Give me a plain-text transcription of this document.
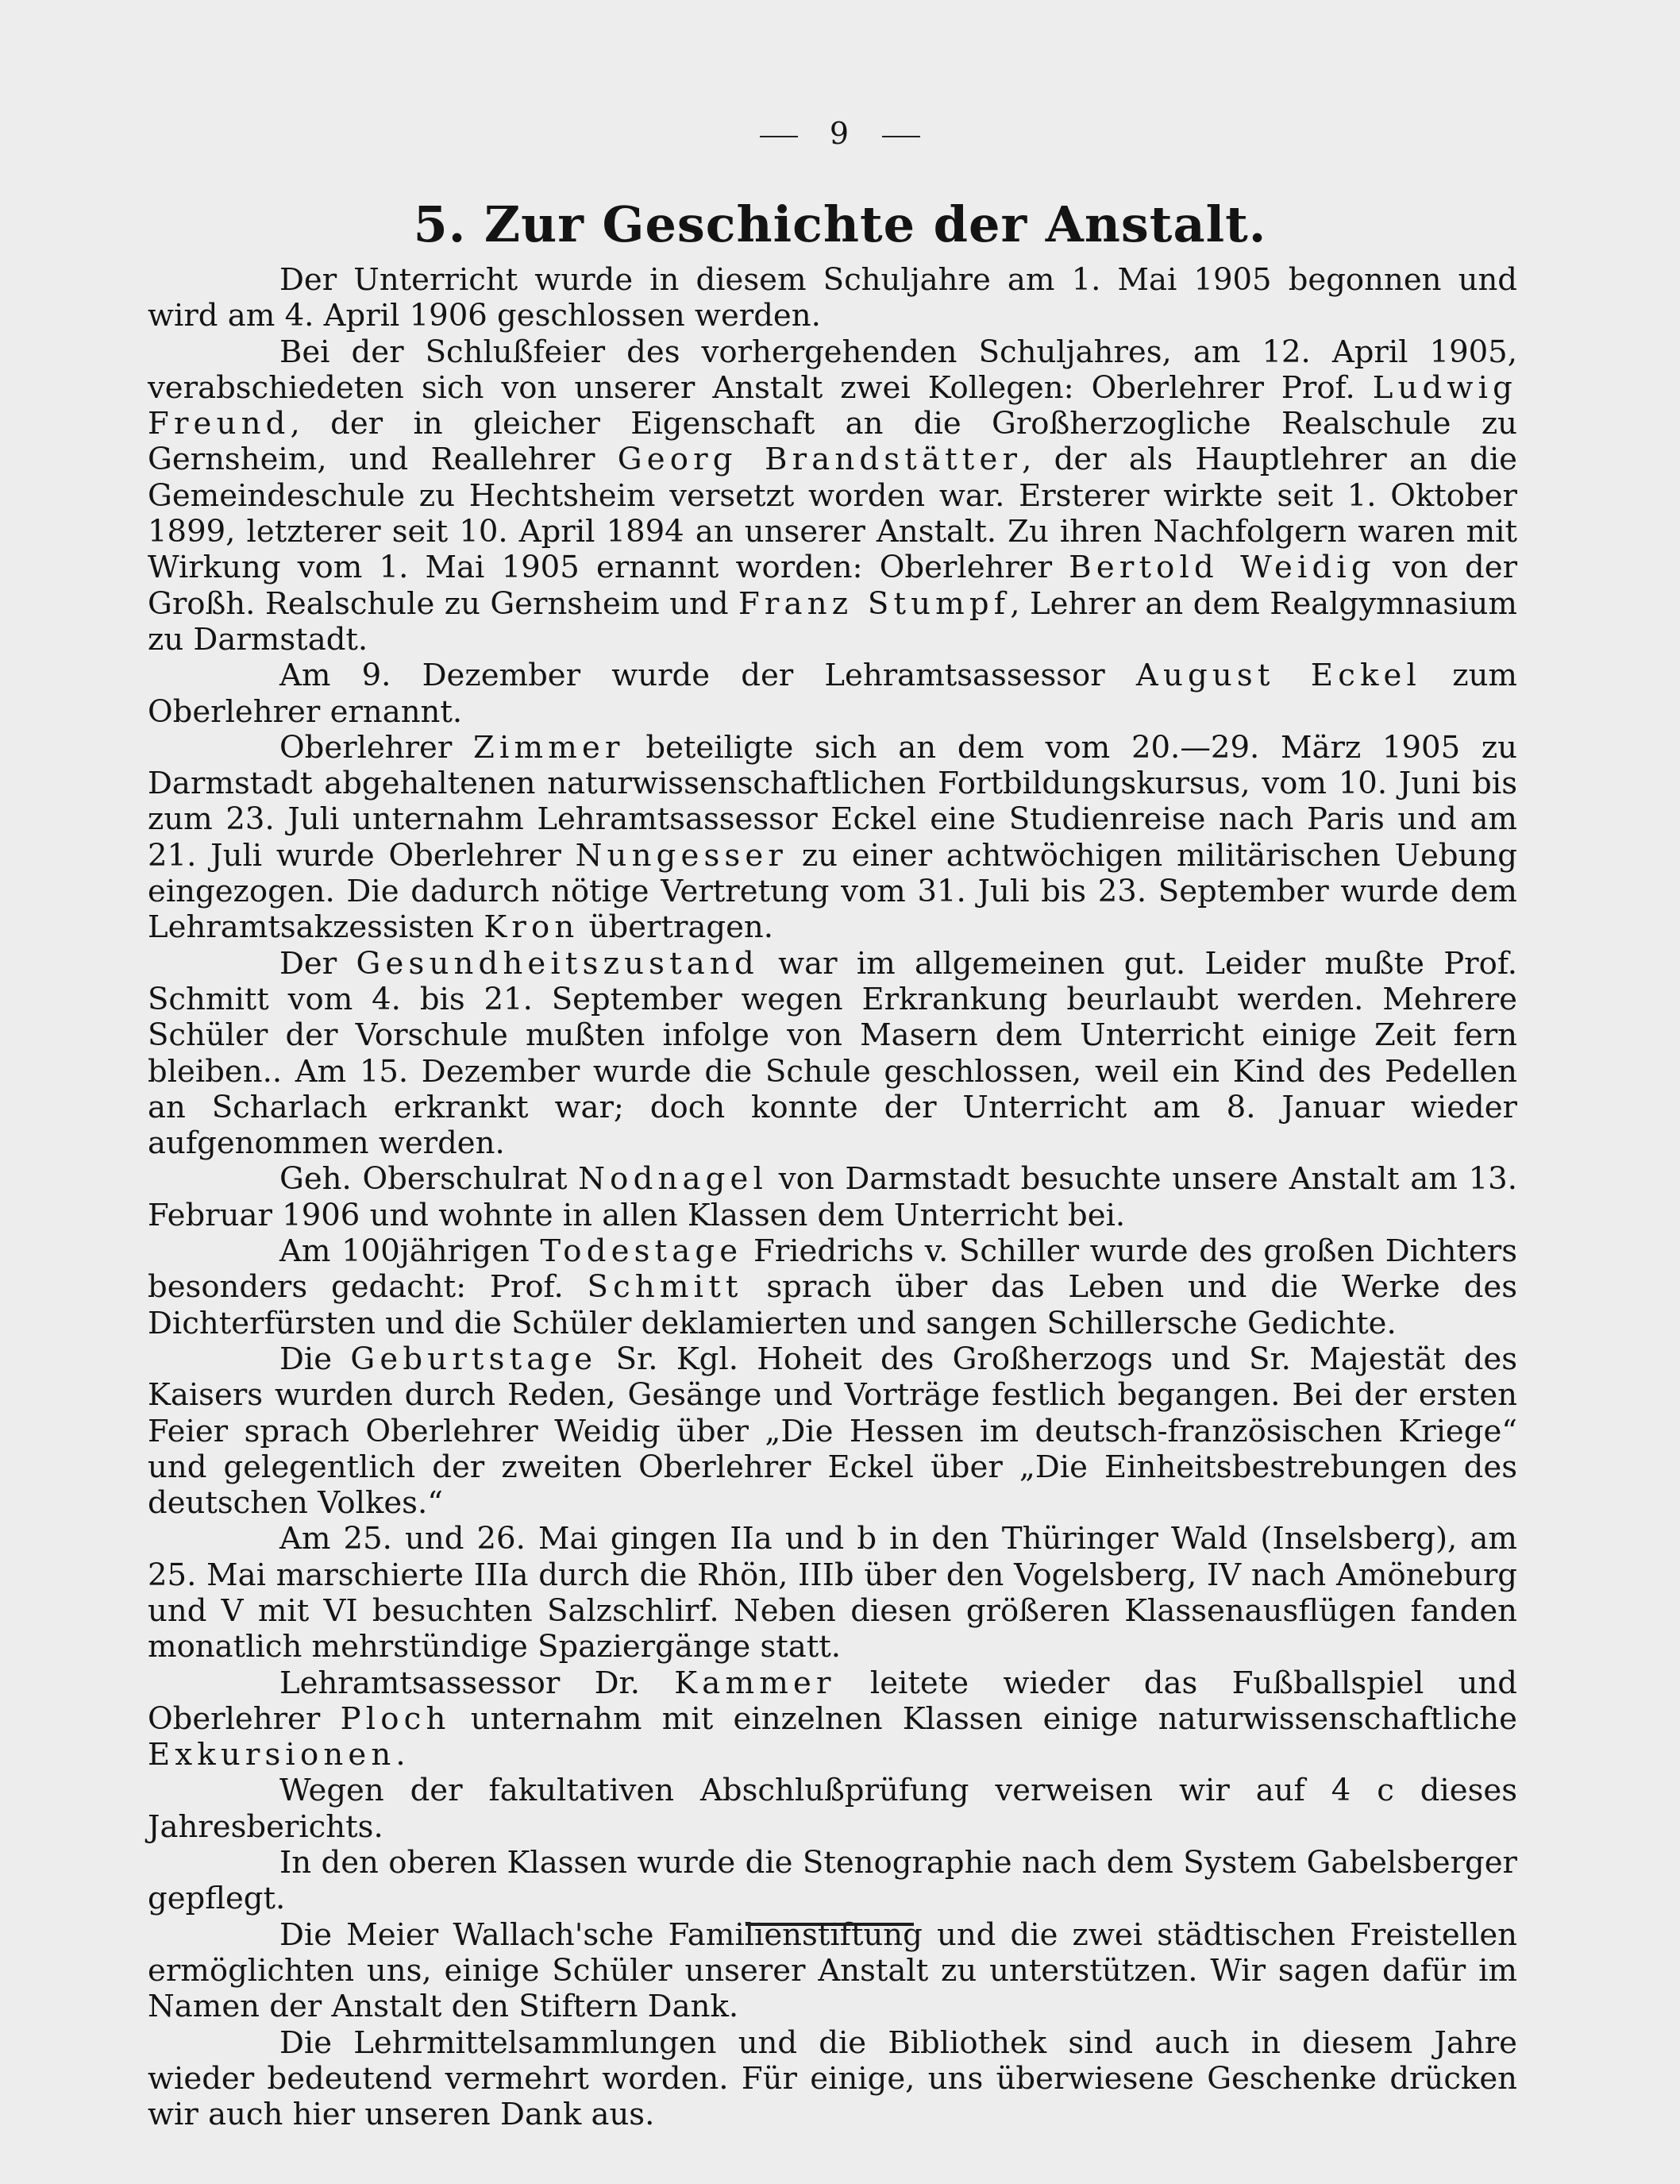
9
5. Zur Geschichte der Anstalt.

Der Unterricht wurde in diesem Schuljahre am 1. Mai 1905 begonnen und wird am 4. April 1906 geschlossen werden.

Bei der Schlußfeier des vorhergehenden Schuljahres, am 12. April 1905, verabschiedeten sich von unserer Anstalt zwei Kollegen: Oberlehrer Prof. Ludwig Freund, der in gleicher Eigenschaft an die Großherzogliche Realschule zu Gernsheim, und Reallehrer Georg Brandstätter, der als Hauptlehrer an die Gemeindeschule zu Hechtsheim versetzt worden war. Ersterer wirkte seit 1. Oktober 1899, letzterer seit 10. April 1894 an unserer Anstalt. Zu ihren Nachfolgern waren mit Wirkung vom 1. Mai 1905 ernannt worden: Oberlehrer Bertold Weidig von der Großh. Realschule zu Gernsheim und Franz Stumpf, Lehrer an dem Realgymnasium zu Darmstadt.

Am 9. Dezember wurde der Lehramtsassessor August Eckel zum Oberlehrer ernannt.

Oberlehrer Zimmer beteiligte sich an dem vom 20.—29. März 1905 zu Darmstadt abgehaltenen naturwissenschaftlichen Fortbildungskursus, vom 10. Juni bis zum 23. Juli unternahm Lehramtsassessor Eckel eine Studienreise nach Paris und am 21. Juli wurde Oberlehrer Nungesser zu einer achtwöchigen militärischen Uebung eingezogen. Die dadurch nötige Vertretung vom 31. Juli bis 23. September wurde dem Lehramtsakzessisten Kron übertragen.

Der Gesundheitszustand war im allgemeinen gut. Leider mußte Prof. Schmitt vom 4. bis 21. September wegen Erkrankung beurlaubt werden. Mehrere Schüler der Vorschule mußten infolge von Masern dem Unterricht einige Zeit fern bleiben.. Am 15. Dezember wurde die Schule geschlossen, weil ein Kind des Pedellen an Scharlach erkrankt war; doch konnte der Unterricht am 8. Januar wieder aufgenommen werden.

Geh. Oberschulrat Nodnagel von Darmstadt besuchte unsere Anstalt am 13. Februar 1906 und wohnte in allen Klassen dem Unterricht bei.

Am 100jährigen Todestage Friedrichs v. Schiller wurde des großen Dichters besonders gedacht: Prof. Schmitt sprach über das Leben und die Werke des Dichterfürsten und die Schüler deklamierten und sangen Schillersche Gedichte.

Die Geburtstage Sr. Kgl. Hoheit des Großherzogs und Sr. Majestät des Kaisers wurden durch Reden, Gesänge und Vorträge festlich begangen. Bei der ersten Feier sprach Oberlehrer Weidig über „Die Hessen im deutsch-französischen Kriege“ und gelegentlich der zweiten Oberlehrer Eckel über „Die Einheitsbestrebungen des deutschen Volkes.“

Am 25. und 26. Mai gingen IIa und b in den Thüringer Wald (Inselsberg), am 25. Mai marschierte IIIa durch die Rhön, IIIb über den Vogelsberg, IV nach Amöneburg und V mit VI besuchten Salzschlirf. Neben diesen größeren Klassenausflügen fanden monatlich mehrstündige Spaziergänge statt.

Lehramtsassessor Dr. Kammer leitete wieder das Fußballspiel und Oberlehrer Ploch unternahm mit einzelnen Klassen einige naturwissenschaftliche Exkursionen.

Wegen der fakultativen Abschlußprüfung verweisen wir auf 4 c dieses Jahresberichts.

In den oberen Klassen wurde die Stenographie nach dem System Gabelsberger gepflegt.

Die Meier Wallach'sche Familienstiftung und die zwei städtischen Freistellen ermöglichten uns, einige Schüler unserer Anstalt zu unterstützen. Wir sagen dafür im Namen der Anstalt den Stiftern Dank.

Die Lehrmittelsammlungen und die Bibliothek sind auch in diesem Jahre wieder bedeutend vermehrt worden. Für einige, uns überwiesene Geschenke drücken wir auch hier unseren Dank aus.
